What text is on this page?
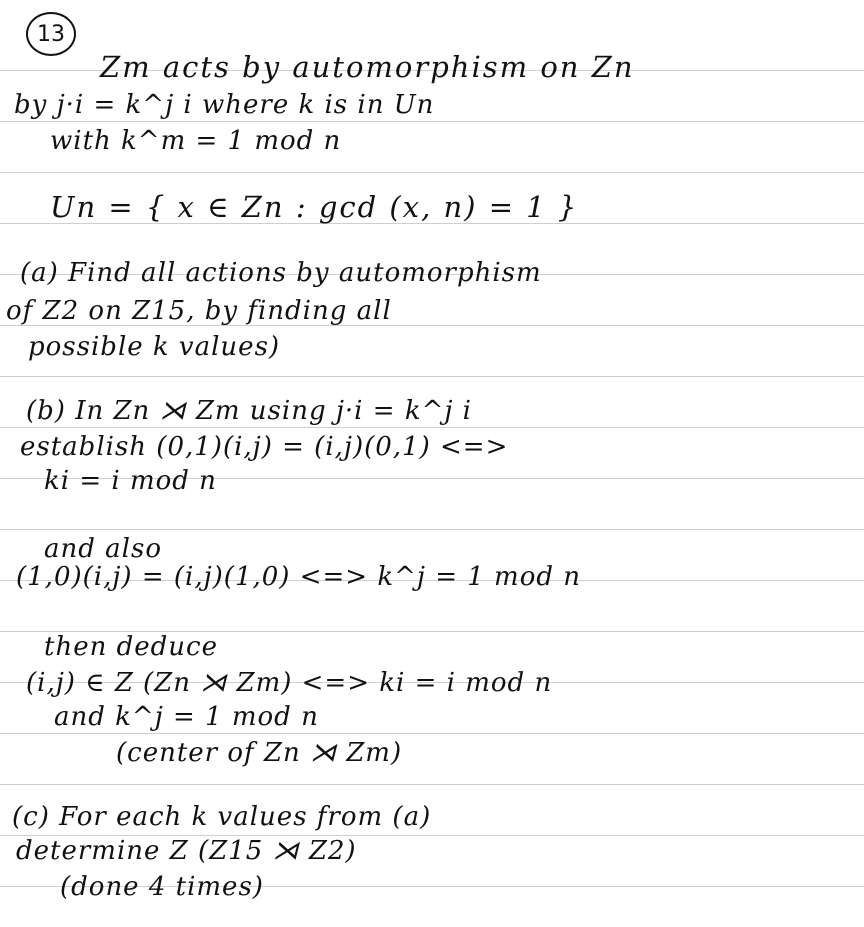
13
Zm acts by automorphism on Zn
by j·i = k^j i where k is in Un
with k^m = 1 mod n
Un = { x ∈ Zn : gcd (x, n) = 1 }
(a) Find all actions by automorphism
of Z2 on Z15, by finding all
possible k values)
(b) In Zn ⋊ Zm using j·i = k^j i
establish (0,1)(i,j) = (i,j)(0,1) <=>
ki = i mod n
and also
(1,0)(i,j) = (i,j)(1,0) <=> k^j = 1 mod n
then deduce
(i,j) ∈ Z (Zn ⋊ Zm) <=> ki = i mod n
and k^j = 1 mod n
(center of Zn ⋊ Zm)
(c) For each k values from (a)
determine Z (Z15 ⋊ Z2)
(done 4 times)
